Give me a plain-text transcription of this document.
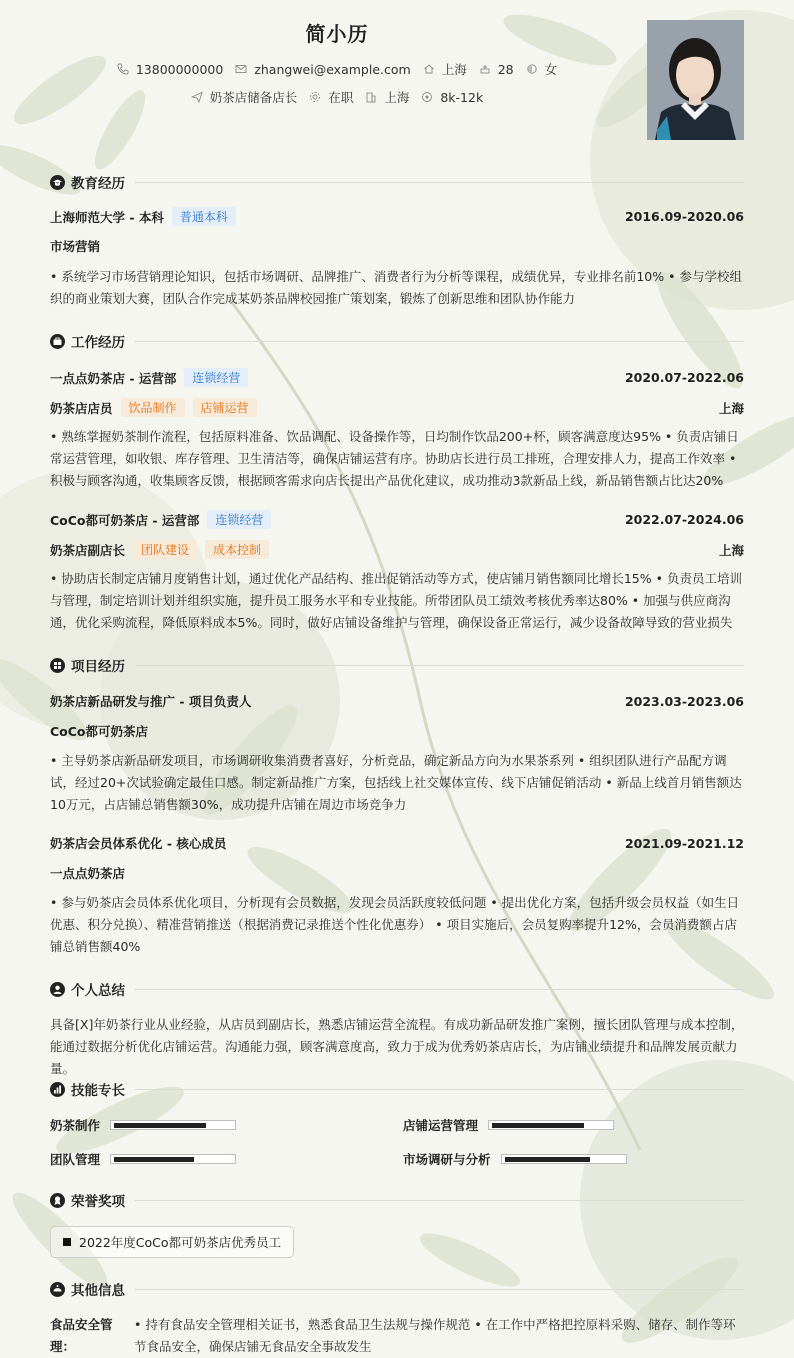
简小历
13800000000 zhangwei@example.com 上海 28 女
奶茶店储备店长 在职 上海 8k-12k
教育经历
上海师范大学 - 本科	普通本科	2016.09-2020.06
市场营销
• 系统学习市场营销理论知识，包括市场调研、品牌推广、消费者行为分析等课程，成绩优异，专业排名前10% • 参与学校组织的商业策划大赛，团队合作完成某奶茶品牌校园推广策划案，锻炼了创新思维和团队协作能力
工作经历
一点点奶茶店 - 运营部	连锁经营	2020.07-2022.06
奶茶店店员	饮品制作	店铺运营	上海
• 熟练掌握奶茶制作流程，包括原料准备、饮品调配、设备操作等，日均制作饮品200+杯，顾客满意度达95% • 负责店铺日常运营管理，如收银、库存管理、卫生清洁等，确保店铺运营有序。协助店长进行员工排班，合理安排人力，提高工作效率 • 积极与顾客沟通，收集顾客反馈，根据顾客需求向店长提出产品优化建议，成功推动3款新品上线，新品销售额占比达20%
CoCo都可奶茶店 - 运营部	连锁经营	2022.07-2024.06
奶茶店副店长	团队建设	成本控制	上海
• 协助店长制定店铺月度销售计划，通过优化产品结构、推出促销活动等方式，使店铺月销售额同比增长15% • 负责员工培训与管理，制定培训计划并组织实施，提升员工服务水平和专业技能。所带团队员工绩效考核优秀率达80% • 加强与供应商沟通，优化采购流程，降低原料成本5%。同时，做好店铺设备维护与管理，确保设备正常运行，减少设备故障导致的营业损失
项目经历
奶茶店新品研发与推广 - 项目负责人	2023.03-2023.06
CoCo都可奶茶店
• 主导奶茶店新品研发项目，市场调研收集消费者喜好，分析竞品，确定新品方向为水果茶系列 • 组织团队进行产品配方调试，经过20+次试验确定最佳口感。制定新品推广方案，包括线上社交媒体宣传、线下店铺促销活动 • 新品上线首月销售额达10万元，占店铺总销售额30%，成功提升店铺在周边市场竞争力
奶茶店会员体系优化 - 核心成员	2021.09-2021.12
一点点奶茶店
• 参与奶茶店会员体系优化项目，分析现有会员数据，发现会员活跃度较低问题 • 提出优化方案，包括升级会员权益（如生日优惠、积分兑换）、精准营销推送（根据消费记录推送个性化优惠券） • 项目实施后，会员复购率提升12%，会员消费额占店铺总销售额40%
个人总结
具备[X]年奶茶行业从业经验，从店员到副店长，熟悉店铺运营全流程。有成功新品研发推广案例，擅长团队管理与成本控制，能通过数据分析优化店铺运营。沟通能力强，顾客满意度高，致力于成为优秀奶茶店店长，为店铺业绩提升和品牌发展贡献力量。
技能专长
奶茶制作	店铺运营管理
团队管理	市场调研与分析
荣誉奖项
2022年度CoCo都可奶茶店优秀员工
其他信息
食品安全管理：
• 持有食品安全管理相关证书，熟悉食品卫生法规与操作规范 • 在工作中严格把控原料采购、储存、制作等环节食品安全，确保店铺无食品安全事故发生
